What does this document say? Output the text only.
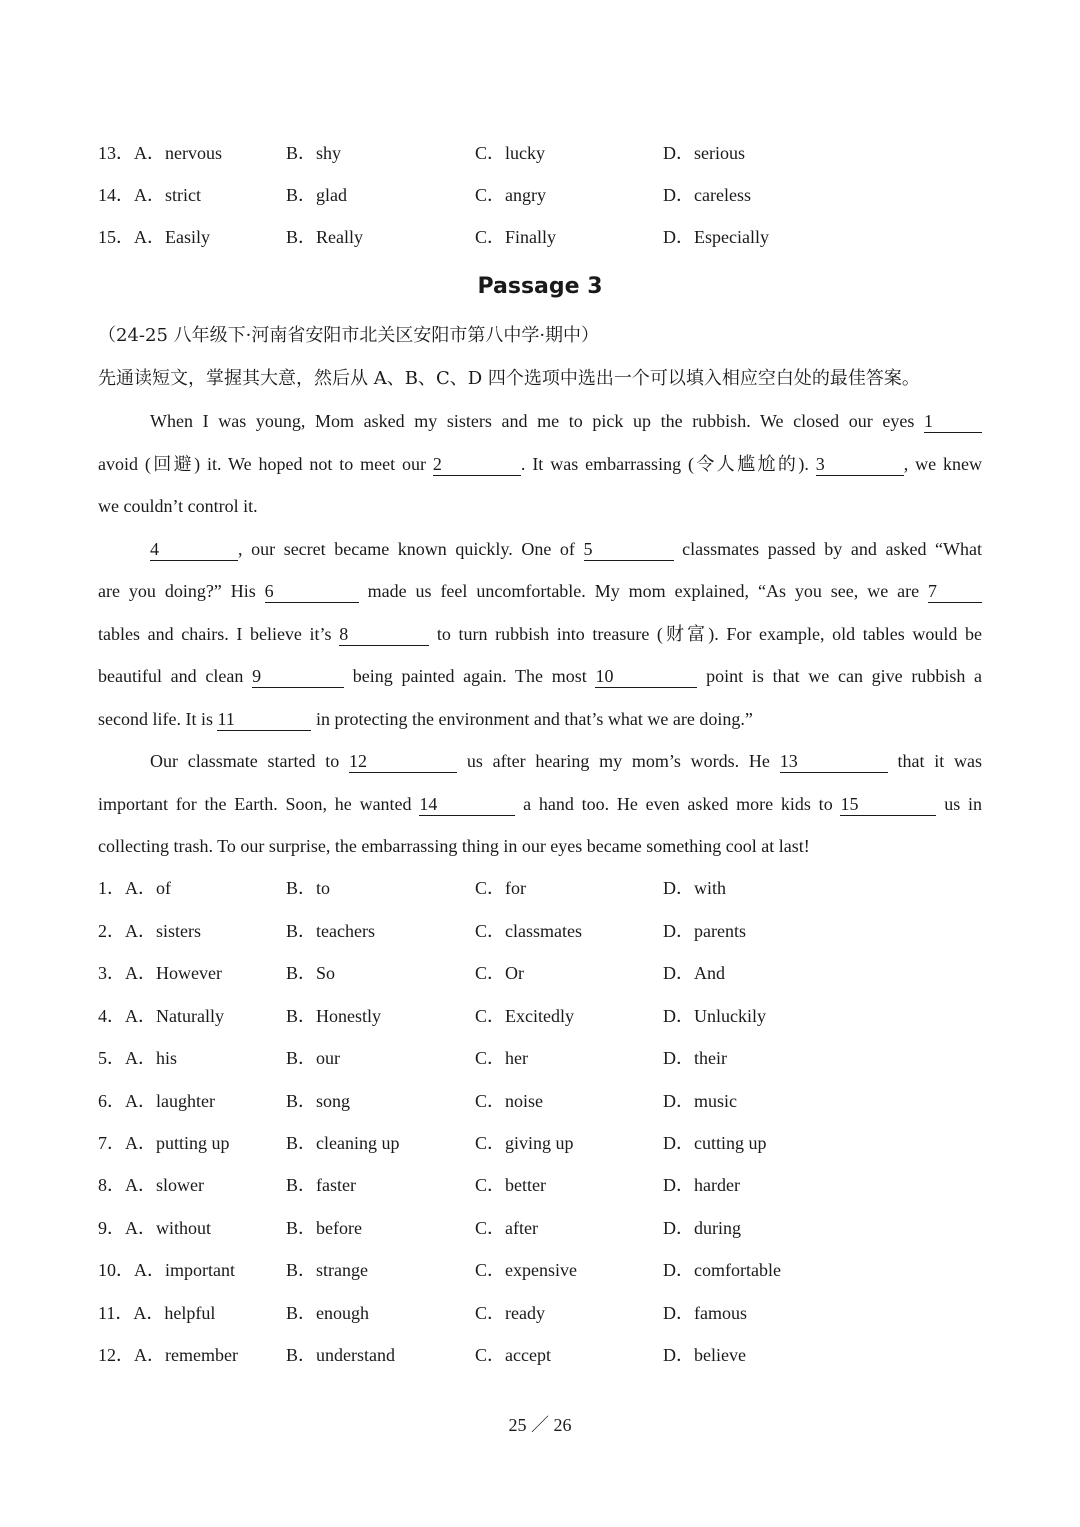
13．A．nervous	B．shy	C．lucky	D．serious
14．A．strict	B．glad	C．angry	D．careless
15．A．Easily	B．Really	C．Finally	D．Especially
Passage 3
（24-25 八年级下·河南省安阳市北关区安阳市第八中学·期中）
先通读短文，掌握其大意，然后从 A、B、C、D 四个选项中选出一个可以填入相应空白处的最佳答案。
When I was young, Mom asked my sisters and me to pick up the rubbish. We closed our eyes 1
avoid (回避) it. We hoped not to meet our 2	. It was embarrassing (令人尴尬的). 3	, we knew
we couldn’t control it.
4	, our secret became known quickly. One of 5	classmates passed by and asked “What
are you doing?” His 6	made us feel uncomfortable. My mom explained, “As you see, we are 7
tables and chairs. I believe it’s 8	to turn rubbish into treasure (财富). For example, old tables would be
beautiful and clean 9	being painted again. The most 10	point is that we can give rubbish a
second life. It is 11	in protecting the environment and that’s what we are doing.”
Our classmate started to 12	us after hearing my mom’s words. He 13	that it was
important for the Earth. Soon, he wanted 14	a hand too. He even asked more kids to 15	us in
collecting trash. To our surprise, the embarrassing thing in our eyes became something cool at last!
1．A．of	B．to	C．for	D．with
2．A．sisters	B．teachers	C．classmates	D．parents
3．A．However	B．So	C．Or	D．And
4．A．Naturally	B．Honestly	C．Excitedly	D．Unluckily
5．A．his	B．our	C．her	D．their
6．A．laughter	B．song	C．noise	D．music
7．A．putting up	B．cleaning up	C．giving up	D．cutting up
8．A．slower	B．faster	C．better	D．harder
9．A．without	B．before	C．after	D．during
10．A．important	B．strange	C．expensive	D．comfortable
11．A．helpful	B．enough	C．ready	D．famous
12．A．remember	B．understand	C．accept	D．believe
25 ／ 26
